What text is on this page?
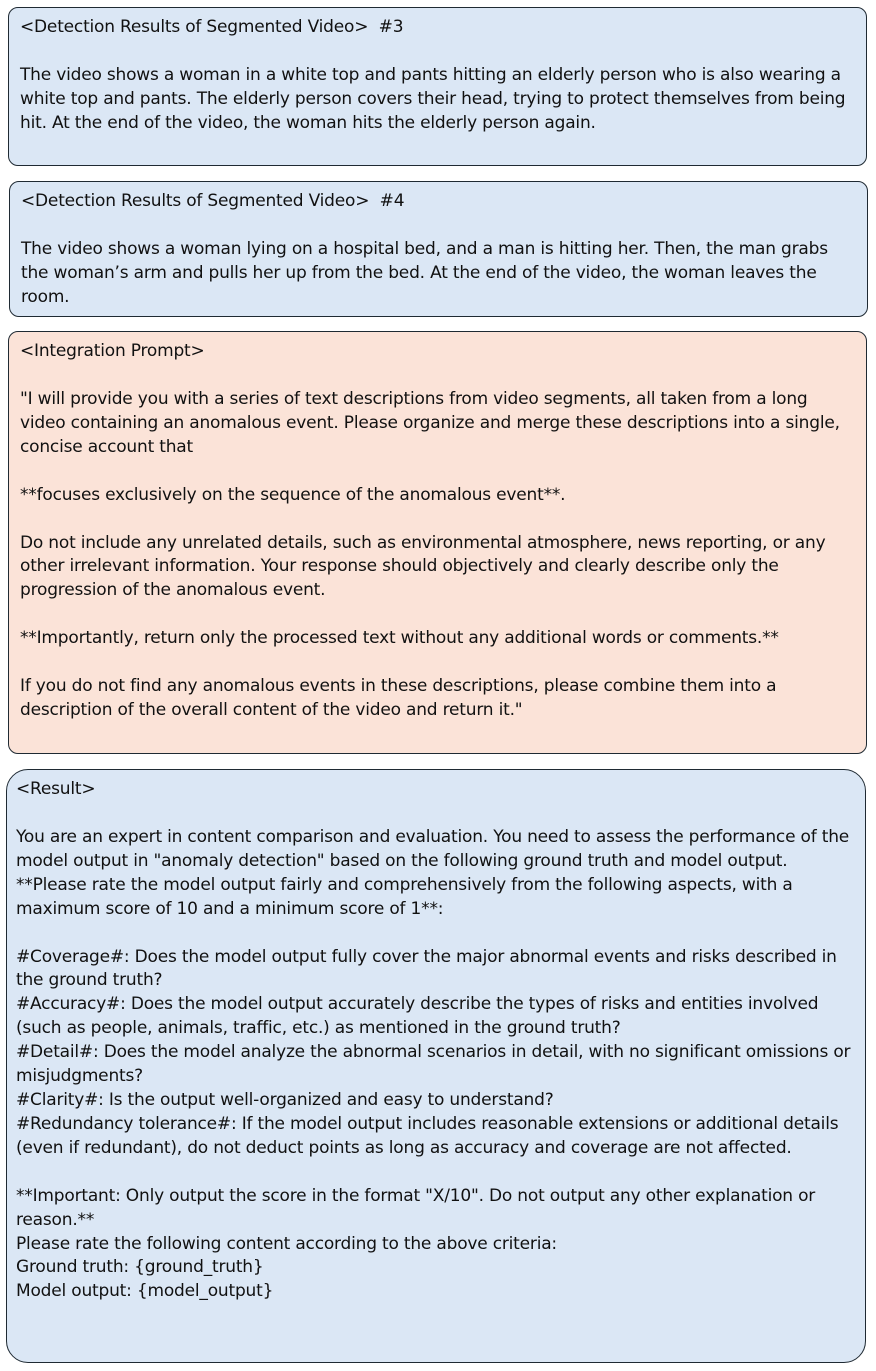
<Detection Results of Segmented Video>  #3

The video shows a woman in a white top and pants hitting an elderly person who is also wearing a white top and pants. The elderly person covers their head, trying to protect themselves from being hit. At the end of the video, the woman hits the elderly person again.

<Detection Results of Segmented Video>  #4

The video shows a woman lying on a hospital bed, and a man is hitting her. Then, the man grabs the woman’s arm and pulls her up from the bed. At the end of the video, the woman leaves the room.

<Integration Prompt>

"I will provide you with a series of text descriptions from video segments, all taken from a long video containing an anomalous event. Please organize and merge these descriptions into a single, concise account that

**focuses exclusively on the sequence of the anomalous event**.

Do not include any unrelated details, such as environmental atmosphere, news reporting, or any other irrelevant information. Your response should objectively and clearly describe only the progression of the anomalous event.

**Importantly, return only the processed text without any additional words or comments.**

If you do not find any anomalous events in these descriptions, please combine them into a description of the overall content of the video and return it."

<Result>

You are an expert in content comparison and evaluation. You need to assess the performance of the model output in "anomaly detection" based on the following ground truth and model output.

**Please rate the model output fairly and comprehensively from the following aspects, with a maximum score of 10 and a minimum score of 1**:

#Coverage#: Does the model output fully cover the major abnormal events and risks described in the ground truth?

#Accuracy#: Does the model output accurately describe the types of risks and entities involved (such as people, animals, traffic, etc.) as mentioned in the ground truth?

#Detail#: Does the model analyze the abnormal scenarios in detail, with no significant omissions or misjudgments?

#Clarity#: Is the output well-organized and easy to understand?

#Redundancy tolerance#: If the model output includes reasonable extensions or additional details (even if redundant), do not deduct points as long as accuracy and coverage are not affected.

**Important: Only output the score in the format "X/10". Do not output any other explanation or reason.**

Please rate the following content according to the above criteria:

Ground truth: {ground_truth}

Model output: {model_output}
